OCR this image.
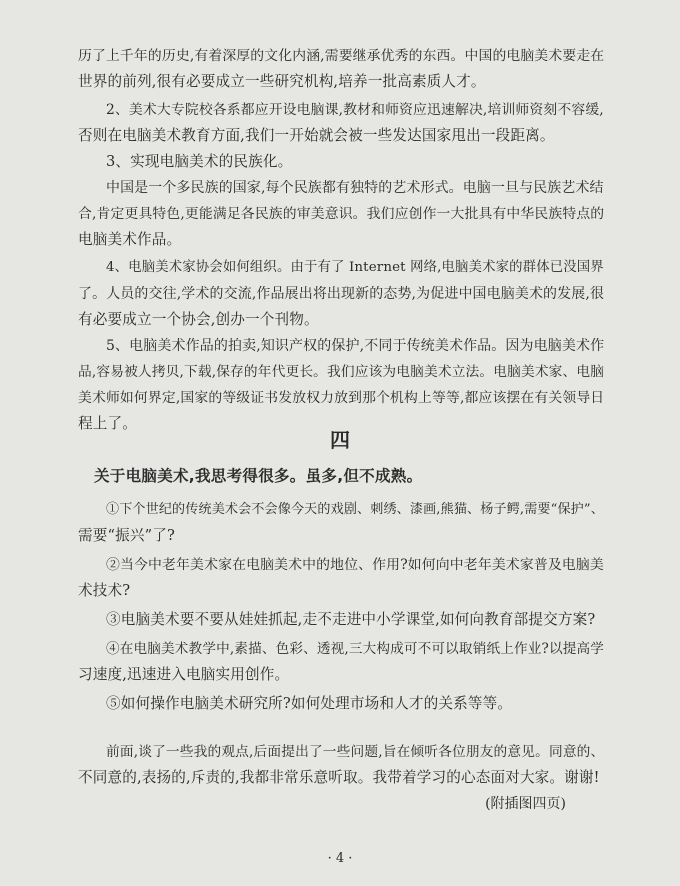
历了上千年的历史,有着深厚的文化内涵,需要继承优秀的东西。中国的电脑美术要走在

世界的前列,很有必要成立一些研究机构,培养一批高素质人才。

2、美术大专院校各系都应开设电脑课,教材和师资应迅速解决,培训师资刻不容缓,

否则在电脑美术教育方面,我们一开始就会被一些发达国家甩出一段距离。

3、实现电脑美术的民族化。

中国是一个多民族的国家,每个民族都有独特的艺术形式。电脑一旦与民族艺术结

合,肯定更具特色,更能满足各民族的审美意识。我们应创作一大批具有中华民族特点的

电脑美术作品。

4、电脑美术家协会如何组织。由于有了 Internet 网络,电脑美术家的群体已没国界

了。人员的交往,学术的交流,作品展出将出现新的态势,为促进中国电脑美术的发展,很

有必要成立一个协会,创办一个刊物。

5、电脑美术作品的拍卖,知识产权的保护,不同于传统美术作品。因为电脑美术作

品,容易被人拷贝,下载,保存的年代更长。我们应该为电脑美术立法。电脑美术家、电脑

美术师如何界定,国家的等级证书发放权力放到那个机构上等等,都应该摆在有关领导日

程上了。

四

关于电脑美术,我思考得很多。虽多,但不成熟。

①下个世纪的传统美术会不会像今天的戏剧、刺绣、漆画,熊猫、杨子鳄,需要“保护”、

需要“振兴”了?

②当今中老年美术家在电脑美术中的地位、作用?如何向中老年美术家普及电脑美

术技术?

③电脑美术要不要从娃娃抓起,走不走进中小学课堂,如何向教育部提交方案?

④在电脑美术教学中,素描、色彩、透视,三大构成可不可以取销纸上作业?以提高学

习速度,迅速进入电脑实用创作。

⑤如何操作电脑美术研究所?如何处理市场和人才的关系等等。

前面,谈了一些我的观点,后面提出了一些问题,旨在倾听各位朋友的意见。同意的、

不同意的,表扬的,斥责的,我都非常乐意听取。我带着学习的心态面对大家。谢谢!

(附插图四页)

· 4 ·
